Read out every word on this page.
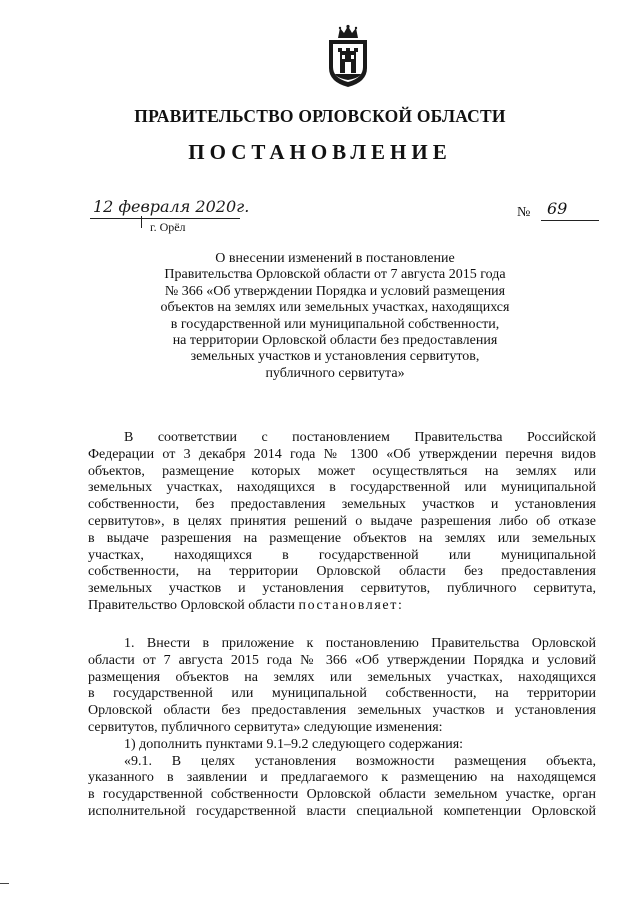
ПРАВИТЕЛЬСТВО ОРЛОВСКОЙ ОБЛАСТИ
ПОСТАНОВЛЕНИЕ
12 февраля 2020г.
г. Орёл
№ 69
О внесении изменений в постановление
Правительства Орловской области от 7 августа 2015 года
№ 366 «Об утверждении Порядка и условий размещения
объектов на землях или земельных участках, находящихся
в государственной или муниципальной собственности,
на территории Орловской области без предоставления
земельных участков и установления сервитутов,
публичного сервитута»
В соответствии с постановлением Правительства Российской
Федерации от 3 декабря 2014 года № 1300 «Об утверждении перечня видов
объектов, размещение которых может осуществляться на землях или
земельных участках, находящихся в государственной или муниципальной
собственности, без предоставления земельных участков и установления
сервитутов», в целях принятия решений о выдаче разрешения либо об отказе
в выдаче разрешения на размещение объектов на землях или земельных
участках, находящихся в государственной или муниципальной
собственности, на территории Орловской области без предоставления
земельных участков и установления сервитутов, публичного сервитута,
Правительство Орловской области постановляет:
1. Внести в приложение к постановлению Правительства Орловской
области от 7 августа 2015 года № 366 «Об утверждении Порядка и условий
размещения объектов на землях или земельных участках, находящихся
в государственной или муниципальной собственности, на территории
Орловской области без предоставления земельных участков и установления
сервитутов, публичного сервитута» следующие изменения:
1) дополнить пунктами 9.1–9.2 следующего содержания:
«9.1. В целях установления возможности размещения объекта,
указанного в заявлении и предлагаемого к размещению на находящемся
в государственной собственности Орловской области земельном участке, орган
исполнительной государственной власти специальной компетенции Орловской
